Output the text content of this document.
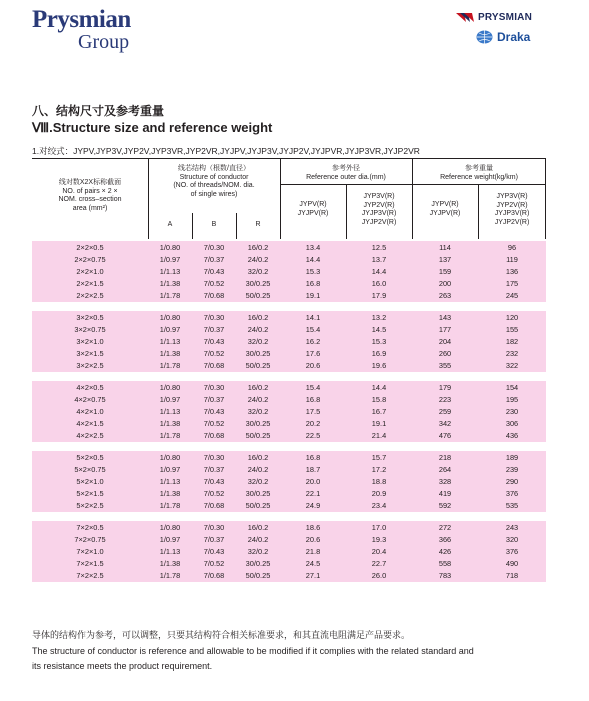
Prysmian
Group
PRYSMIAN
Draka
八、结构尺寸及参考重量
Ⅷ.Structure size and reference weight
1.对绞式：JYPV,JYP3V,JYP2V,JYP3VR,JYP2VR,JYJPV,JYJP3V,JYJP2V,JYJPVR,JYJP3VR,JYJP2VR
线对数X2X标称截面
NO. of pairs × 2 ×
NOM. cross–section
area (mm²)
线芯结构（根数/直径）
Structure of conductor
(NO. of threads/NOM. dia.
of single wires)
A	B	R
参考外径
Reference outer dia.(mm)
JYPV(R)
JYJPV(R)
JYP3V(R)
JYP2V(R)
JYJP3V(R)
JYJP2V(R)
参考重量
Reference weight(kg/km)
JYPV(R)
JYJPV(R)
JYP3V(R)
JYP2V(R)
JYJP3V(R)
JYJP2V(R)
2×2×0.5	1/0.80	7/0.30	16/0.2	13.4	12.5	114	96
2×2×0.75	1/0.97	7/0.37	24/0.2	14.4	13.7	137	119
2×2×1.0	1/1.13	7/0.43	32/0.2	15.3	14.4	159	136
2×2×1.5	1/1.38	7/0.52	30/0.25	16.8	16.0	200	175
2×2×2.5	1/1.78	7/0.68	50/0.25	19.1	17.9	263	245
3×2×0.5	1/0.80	7/0.30	16/0.2	14.1	13.2	143	120
3×2×0.75	1/0.97	7/0.37	24/0.2	15.4	14.5	177	155
3×2×1.0	1/1.13	7/0.43	32/0.2	16.2	15.3	204	182
3×2×1.5	1/1.38	7/0.52	30/0.25	17.6	16.9	260	232
3×2×2.5	1/1.78	7/0.68	50/0.25	20.6	19.6	355	322
4×2×0.5	1/0.80	7/0.30	16/0.2	15.4	14.4	179	154
4×2×0.75	1/0.97	7/0.37	24/0.2	16.8	15.8	223	195
4×2×1.0	1/1.13	7/0.43	32/0.2	17.5	16.7	259	230
4×2×1.5	1/1.38	7/0.52	30/0.25	20.2	19.1	342	306
4×2×2.5	1/1.78	7/0.68	50/0.25	22.5	21.4	476	436
5×2×0.5	1/0.80	7/0.30	16/0.2	16.8	15.7	218	189
5×2×0.75	1/0.97	7/0.37	24/0.2	18.7	17.2	264	239
5×2×1.0	1/1.13	7/0.43	32/0.2	20.0	18.8	328	290
5×2×1.5	1/1.38	7/0.52	30/0.25	22.1	20.9	419	376
5×2×2.5	1/1.78	7/0.68	50/0.25	24.9	23.4	592	535
7×2×0.5	1/0.80	7/0.30	16/0.2	18.6	17.0	272	243
7×2×0.75	1/0.97	7/0.37	24/0.2	20.6	19.3	366	320
7×2×1.0	1/1.13	7/0.43	32/0.2	21.8	20.4	426	376
7×2×1.5	1/1.38	7/0.52	30/0.25	24.5	22.7	558	490
7×2×2.5	1/1.78	7/0.68	50/0.25	27.1	26.0	783	718
导体的结构作为参考，可以调整，只要其结构符合相关标准要求，和其直流电阻满足产品要求。
The structure of conductor is reference and allowable to be modified if it complies with the related standard and
its resistance meets the product requirement.
